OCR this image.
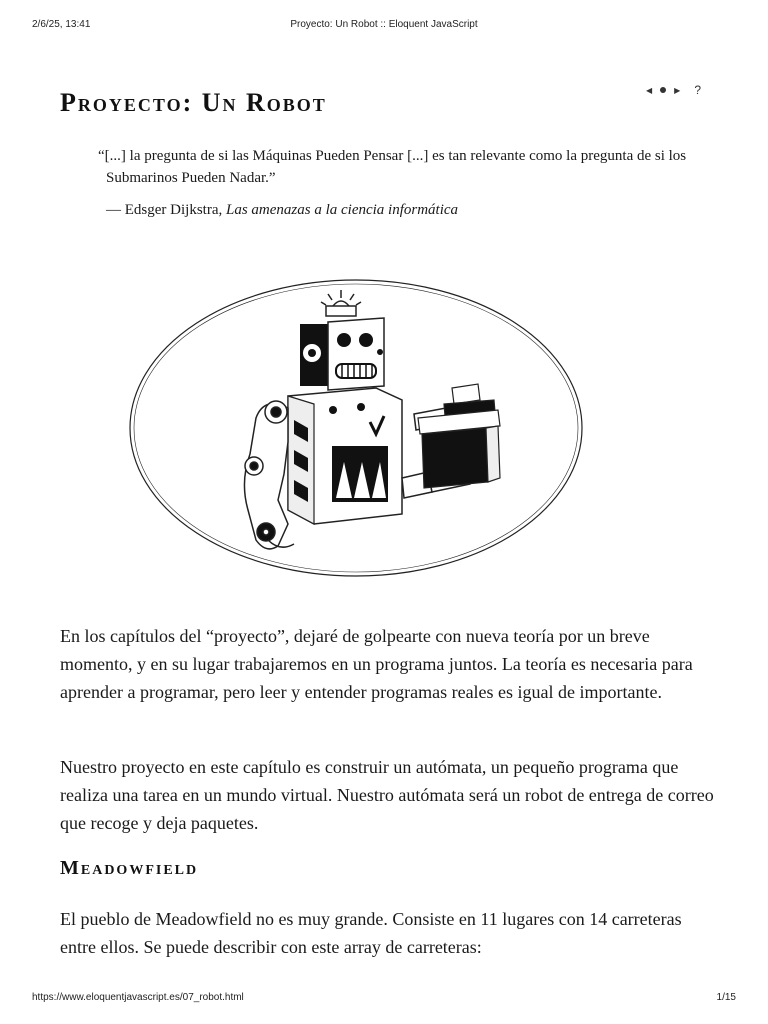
2/6/25, 13:41	Proyecto: Un Robot :: Eloquent JavaScript
◀	▶ ?
Proyecto: Un Robot

“[...] la pregunta de si las Máquinas Pueden Pensar [...] es tan relevante como la pregunta de si los Submarinos Pueden Nadar.”

— Edsger Dijkstra, Las amenazas a la ciencia informática

En los capítulos del “proyecto”, dejaré de golpearte con nueva teoría por un breve momento, y en su lugar trabajaremos en un programa juntos. La teoría es necesaria para aprender a programar, pero leer y entender programas reales es igual de importante.

Nuestro proyecto en este capítulo es construir un autómata, un pequeño programa que realiza una tarea en un mundo virtual. Nuestro autómata será un robot de entrega de correo que recoge y deja paquetes.

Meadowfield

El pueblo de Meadowfield no es muy grande. Consiste en 11 lugares con 14 carreteras entre ellos. Se puede describir con este array de carreteras:

https://www.eloquentjavascript.es/07_robot.html	1/15
